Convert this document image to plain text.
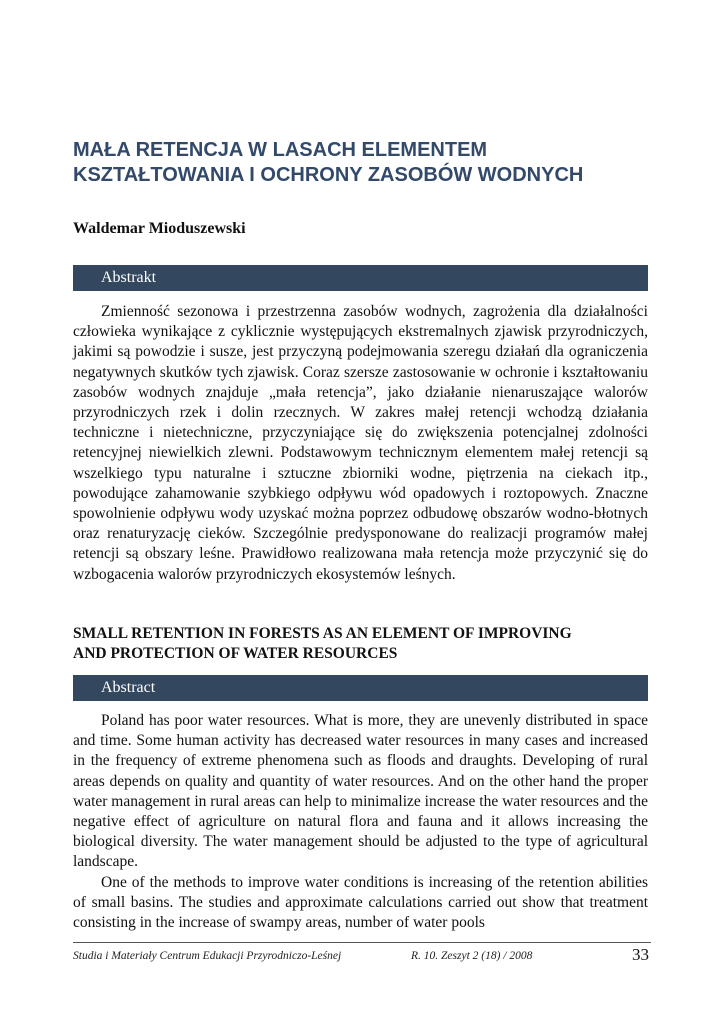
MAŁA RETENCJA W LASACH ELEMENTEM
KSZTAŁTOWANIA I OCHRONY ZASOBÓW WODNYCH
Waldemar Mioduszewski
Abstrakt

Zmienność sezonowa i przestrzenna zasobów wodnych, zagrożenia dla działalności człowieka wynikające z cyklicznie występujących ekstremalnych zjawisk przyrodniczych, jakimi są powodzie i susze, jest przyczyną podejmowania szeregu działań dla ograniczenia negatywnych skutków tych zjawisk. Coraz szersze zastosowanie w ochronie i kształtowaniu zasobów wodnych znajduje „mała retencja”, jako działanie nienaruszające walorów przyrodniczych rzek i dolin rzecznych. W zakres małej retencji wchodzą działania techniczne i nietechniczne, przyczyniające się do zwiększenia potencjalnej zdolności retencyjnej niewielkich zlewni. Podstawowym technicznym elementem małej retencji są wszelkiego typu naturalne i sztuczne zbiorniki wodne, piętrzenia na ciekach itp., powodujące zahamowanie szybkiego odpływu wód opadowych i roztopowych. Znaczne spowolnienie odpływu wody uzyskać można poprzez odbudowę obszarów wodno-błotnych oraz renaturyzację cieków. Szczególnie predysponowane do realizacji programów małej retencji są obszary leśne. Prawidłowo realizowana mała retencja może przyczynić się do wzbogacenia walorów przyrodniczych ekosystemów leśnych.

SMALL RETENTION IN FORESTS AS AN ELEMENT OF IMPROVING
AND PROTECTION OF WATER RESOURCES
Abstract

Poland has poor water resources. What is more, they are unevenly distributed in space and time. Some human activity has decreased water resources in many cases and increased in the frequency of extreme phenomena such as floods and draughts. Developing of rural areas depends on quality and quantity of water resources. And on the other hand the proper water management in rural areas can help to minimalize increase the water resources and the negative effect of agriculture on natural flora and fauna and it allows increasing the biological diversity. The water management should be adjusted to the type of agricultural landscape.

One of the methods to improve water conditions is increasing of the retention abilities of small basins. The studies and approximate calculations carried out show that treatment consisting in the increase of swampy areas, number of water pools

Studia i Materiały Centrum Edukacji Przyrodniczo-Leśnej	R. 10. Zeszyt 2 (18) / 2008	33
